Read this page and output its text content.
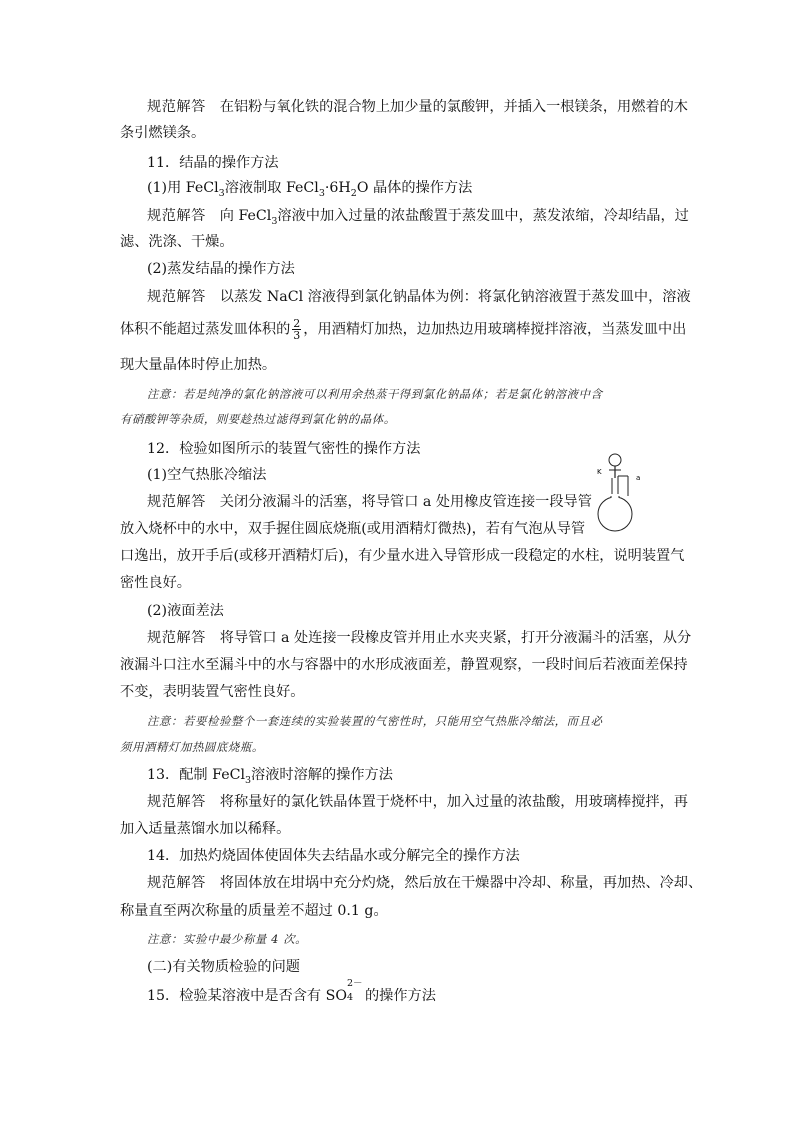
规范解答 在铝粉与氧化铁的混合物上加少量的氯酸钾，并插入一根镁条，用燃着的木
条引燃镁条。
11．结晶的操作方法
(1)用 FeCl$_3$溶液制取 $FeCl_3\cdot 6H_2O$ 晶体的操作方法
规范解答 向 FeCl$_3$溶液中加入过量的浓盐酸置于蒸发皿中，蒸发浓缩，冷却结晶，过
滤、洗涤、干燥。
(2)蒸发结晶的操作方法
规范解答 以蒸发 NaCl 溶液得到氯化钠晶体为例：将氯化钠溶液置于蒸发皿中，溶液
体积不能超过蒸发皿体积的 $\frac{2}{3}$ ，用酒精灯加热，边加热边用玻璃棒搅拌溶液，当蒸发皿中出
现大量晶体时停止加热。
注意：若是纯净的氯化钠溶液可以利用余热蒸干得到氯化钠晶体；若是氯化钠溶液中含
有硝酸钾等杂质，则要趁热过滤得到氯化钠的晶体。
12．检验如图所示的装置气密性的操作方法
(1)空气热胀冷缩法
规范解答 关闭分液漏斗的活塞，将导管口 a 处用橡皮管连接一段导管
放入烧杯中的水中，双手握住圆底烧瓶(或用酒精灯微热)，若有气泡从导管
口逸出，放开手后(或移开酒精灯后)，有少量水进入导管形成一段稳定的水柱，说明装置气
密性良好。
K
a
(2)液面差法
规范解答 将导管口 a 处连接一段橡皮管并用止水夹夹紧，打开分液漏斗的活塞，从分
液漏斗口注水至漏斗中的水与容器中的水形成液面差，静置观察，一段时间后若液面差保持
不变，表明装置气密性良好。
注意：若要检验整个一套连续的实验装置的气密性时，只能用空气热胀冷缩法，而且必
须用酒精灯加热圆底烧瓶。
13．配制 FeCl$_3$溶液时溶解的操作方法
规范解答 将称量好的氯化铁晶体置于烧杯中，加入过量的浓盐酸，用玻璃棒搅拌，再
加入适量蒸馏水加以稀释。
14．加热灼烧固体使固体失去结晶水或分解完全的操作方法
规范解答 将固体放在坩埚中充分灼烧，然后放在干燥器中冷却、称量，再加热、冷却、
称量直至两次称量的质量差不超过 0.1 g。
注意：实验中最少称量 4 次。
(二)有关物质检验的问题
15．检验某溶液中是否含有 SO
2－
4 的操作方法
